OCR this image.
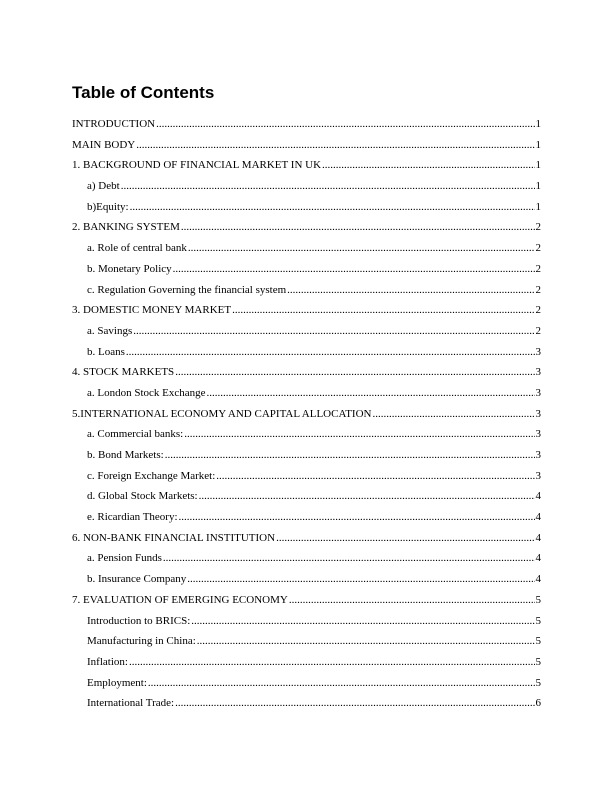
Table of Contents
INTRODUCTION .....	1
MAIN BODY .....	1
1. BACKGROUND OF FINANCIAL MARKET IN UK .....	1
a) Debt .....	1
b)Equity: .....	1
2. BANKING SYSTEM .....	2
a. Role of central bank .....	2
b. Monetary Policy .....	2
c. Regulation Governing the financial system .....	2
3. DOMESTIC MONEY MARKET .....	2
a. Savings .....	2
b. Loans .....	3
4. STOCK MARKETS .....	3
a. London Stock Exchange .....	3
5.INTERNATIONAL ECONOMY AND CAPITAL ALLOCATION .....	3
a. Commercial banks: .....	3
b. Bond Markets: .....	3
c. Foreign Exchange Market: .....	3
d. Global Stock Markets: .....	4
e. Ricardian Theory: .....	4
6. NON-BANK FINANCIAL INSTITUTION .....	4
a. Pension Funds .....	4
b. Insurance Company .....	4
7. EVALUATION OF EMERGING ECONOMY .....	5
Introduction to BRICS: .....	5
Manufacturing in China: .....	5
Inflation: .....	5
Employment: .....	5
International Trade: .....	6
